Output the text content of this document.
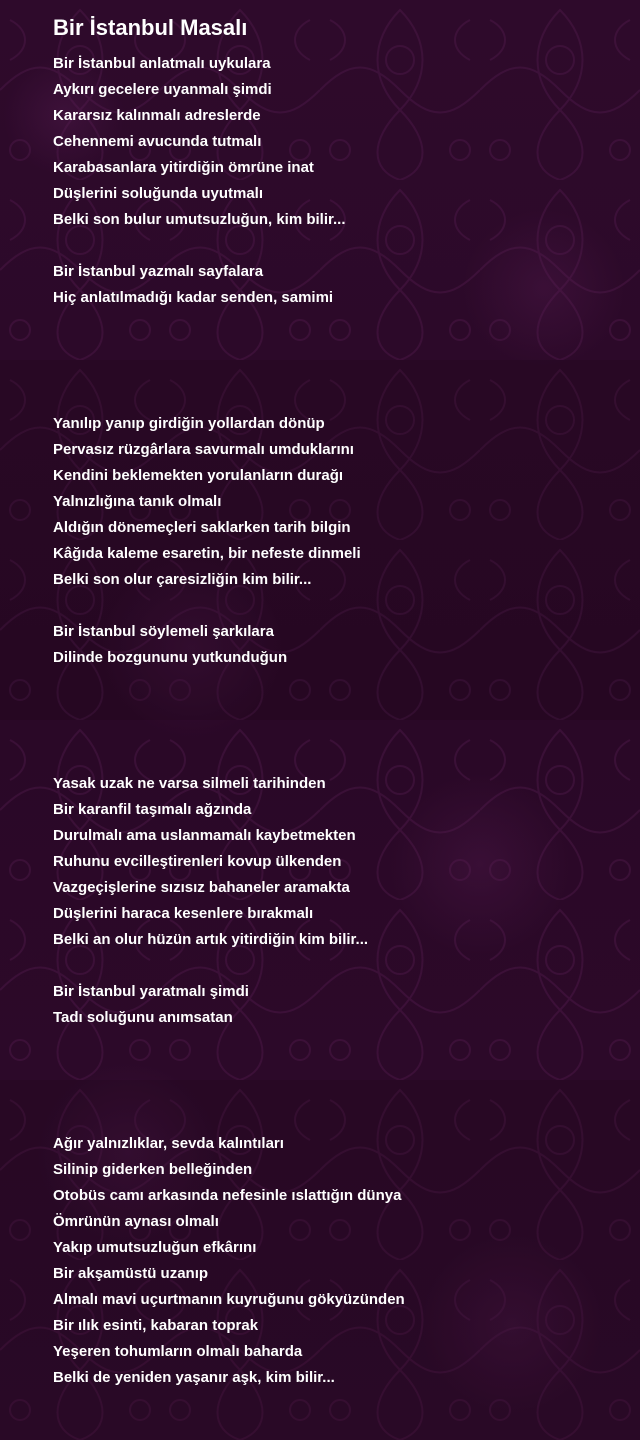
Bir İstanbul Masalı
Bir İstanbul anlatmalı uykulara
Aykırı gecelere uyanmalı şimdi
Kararsız kalınmalı adreslerde
Cehennemi avucunda tutmalı
Karabasanlara yitirdiğin ömrüne inat
Düşlerini soluğunda uyutmalı
Belki son bulur umutsuzluğun, kim bilir...
Bir İstanbul yazmalı sayfalara
Hiç anlatılmadığı kadar senden, samimi
Yanılıp yanıp girdiğin yollardan dönüp
Pervasız rüzgârlara savurmalı umduklarını
Kendini beklemekten yorulanların durağı
Yalnızlığına tanık olmalı
Aldığın dönemeçleri saklarken tarih bilgin
Kâğıda kaleme esaretin, bir nefeste dinmeli
Belki son olur çaresizliğin kim bilir...
Bir İstanbul söylemeli şarkılara
Dilinde bozgununu yutkunduğun
Yasak uzak ne varsa silmeli tarihinden
Bir karanfil taşımalı ağzında
Durulmalı ama uslanmamalı kaybetmekten
Ruhunu evcilleştirenleri kovup ülkenden
Vazgeçişlerine sızısız bahaneler aramakta
Düşlerini haraca kesenlere bırakmalı
Belki an olur hüzün artık yitirdiğin kim bilir...
Bir İstanbul yaratmalı şimdi
Tadı soluğunu anımsatan
Ağır yalnızlıklar, sevda kalıntıları
Silinip giderken belleğinden
Otobüs camı arkasında nefesinle ıslattığın dünya
Ömrünün aynası olmalı
Yakıp umutsuzluğun efkârını
Bir akşamüstü uzanıp
Almalı mavi uçurtmanın kuyruğunu gökyüzünden
Bir ılık esinti, kabaran toprak
Yeşeren tohumların olmalı baharda
Belki de yeniden yaşanır aşk, kim bilir...
